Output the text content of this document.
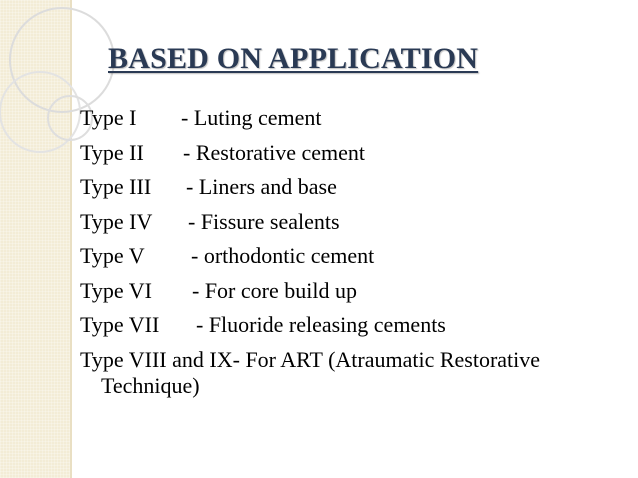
BASED ON APPLICATION
Type I - Luting cement
Type II - Restorative cement
Type III - Liners and base
Type IV - Fissure sealents
Type V - orthodontic cement
Type VI - For core build up
Type VII - Fluoride releasing cements
Type VIII and IX- For ART (Atraumatic Restorative
Technique)
